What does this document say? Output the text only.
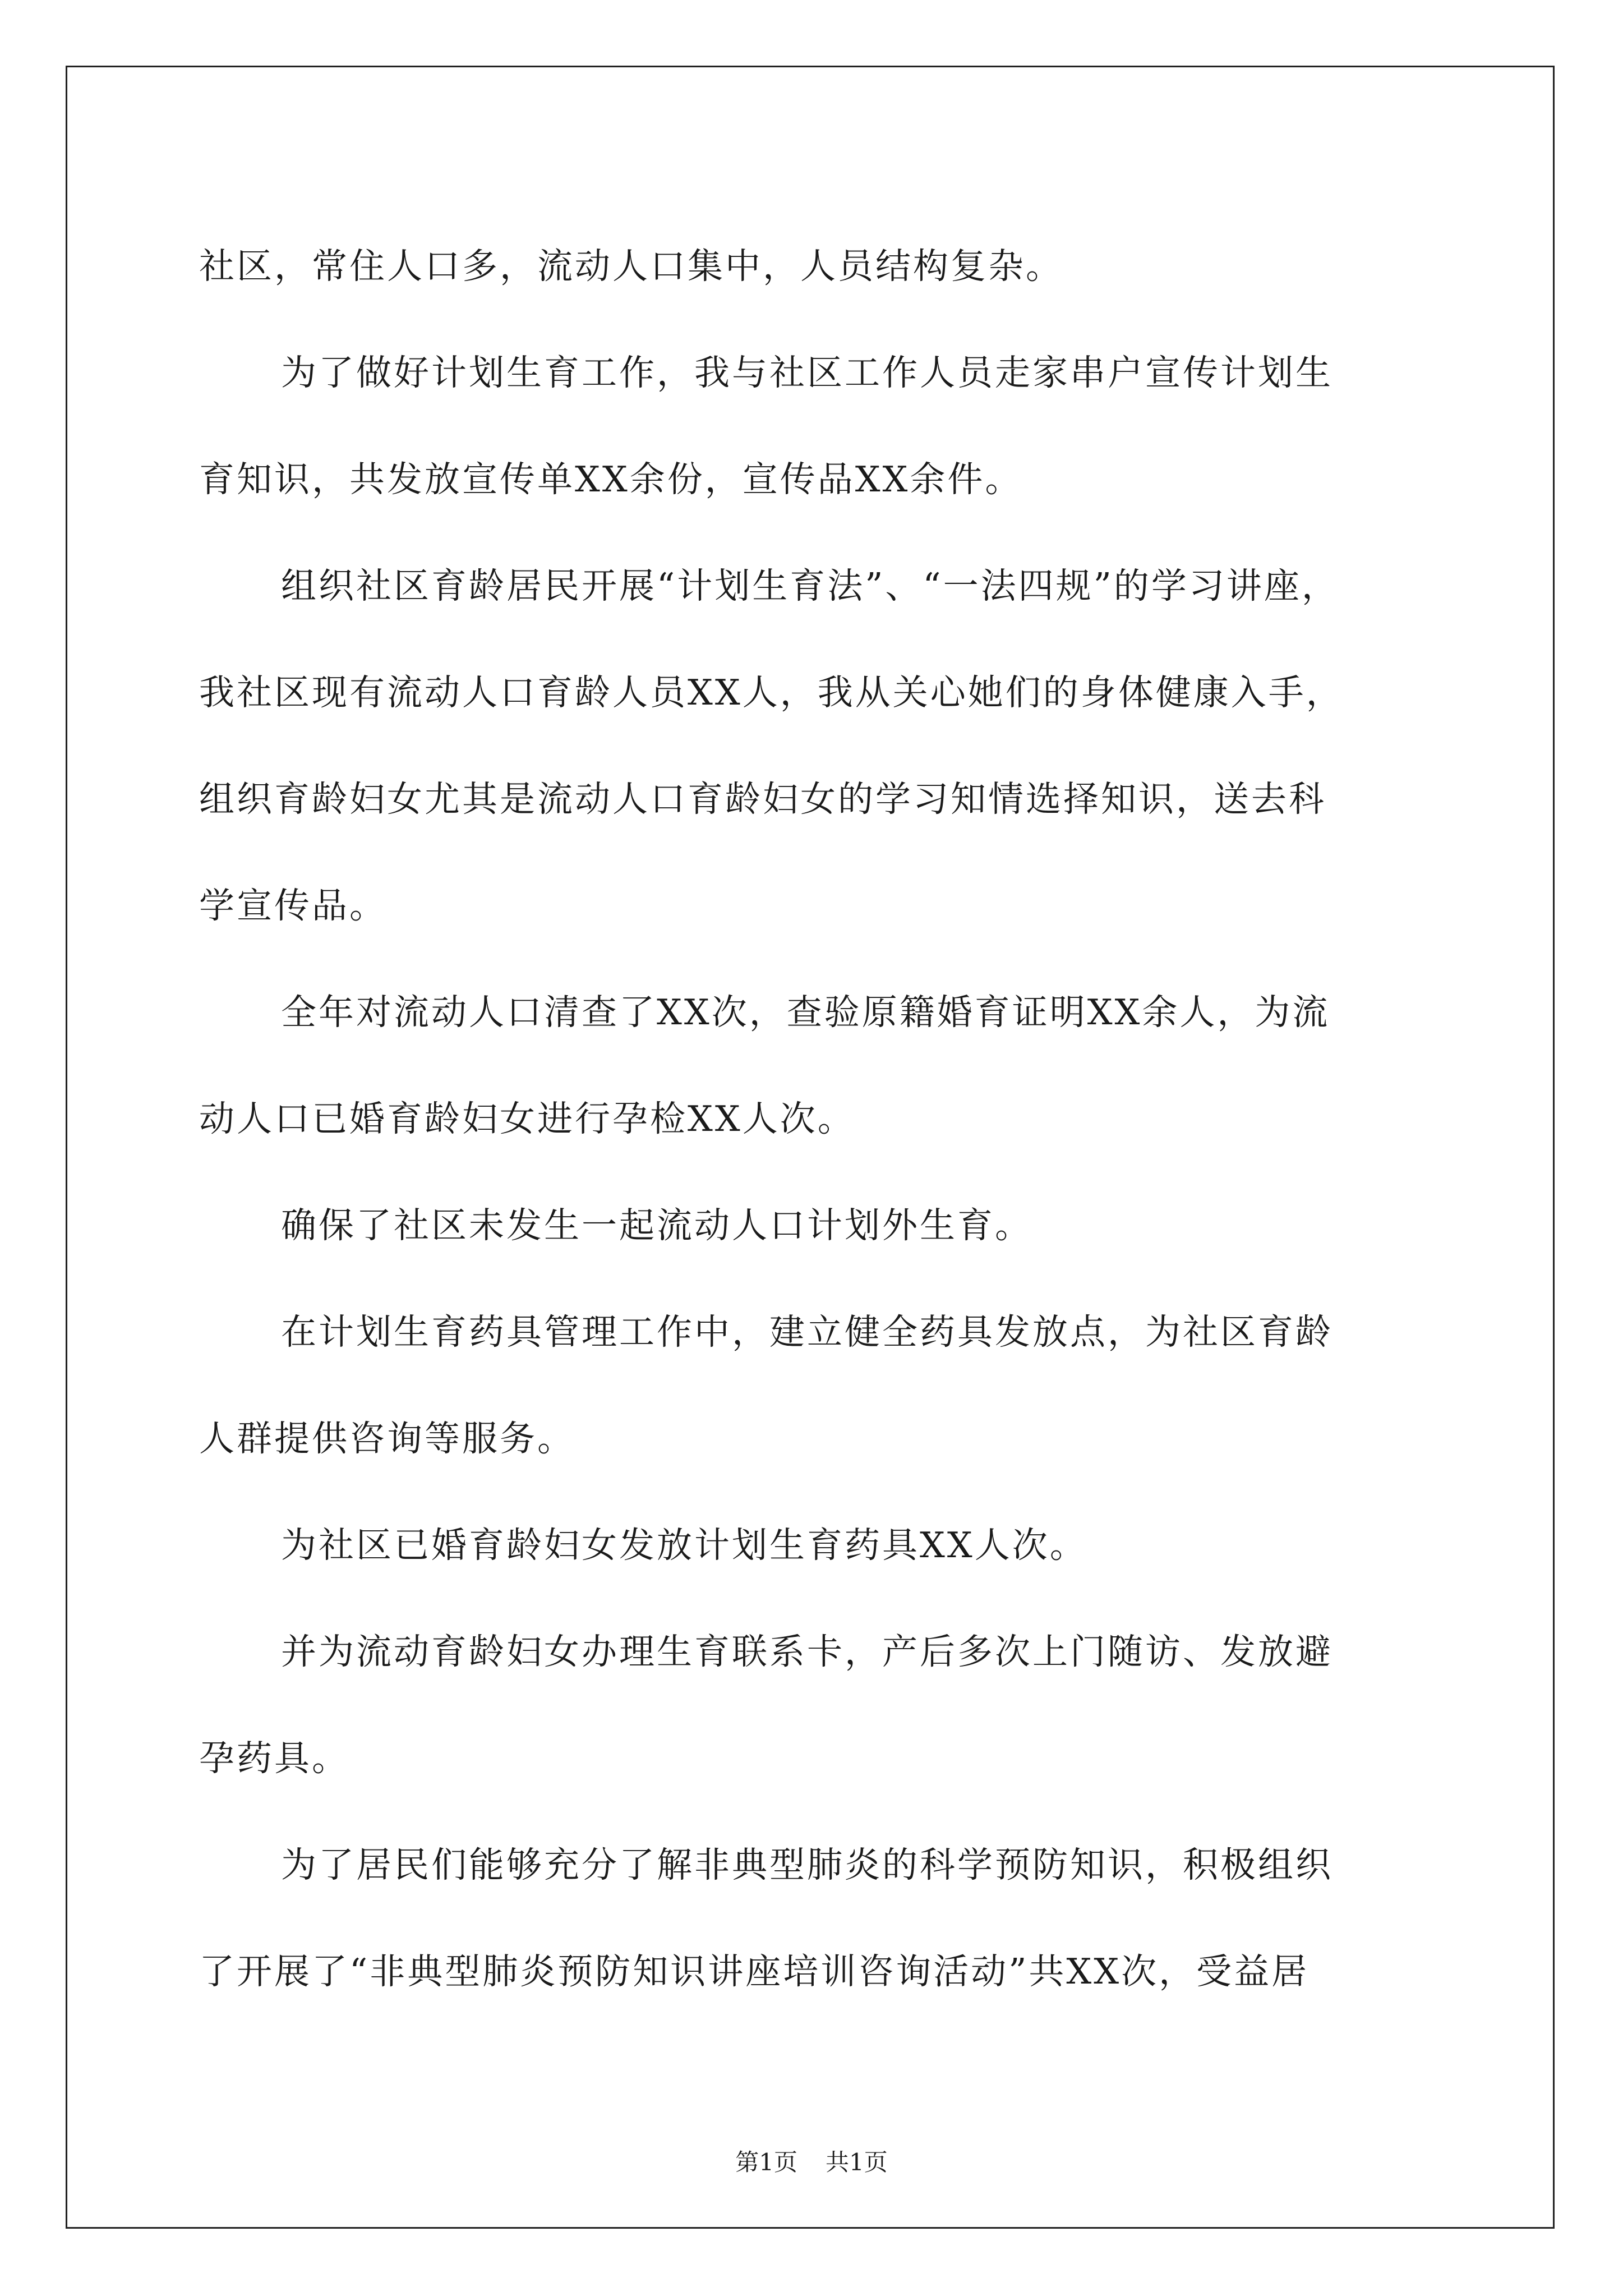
社区，常住人口多，流动人口集中，人员结构复杂。
为了做好计划生育工作，我与社区工作人员走家串户宣传计划生
育知识，共发放宣传单XX余份，宣传品XX余件。
组织社区育龄居民开展“计划生育法”、“一法四规”的学习讲座，
我社区现有流动人口育龄人员XX人，我从关心她们的身体健康入手，
组织育龄妇女尤其是流动人口育龄妇女的学习知情选择知识，送去科
学宣传品。
全年对流动人口清查了XX次，查验原籍婚育证明XX余人，为流
动人口已婚育龄妇女进行孕检XX人次。
确保了社区未发生一起流动人口计划外生育。
在计划生育药具管理工作中，建立健全药具发放点，为社区育龄
人群提供咨询等服务。
为社区已婚育龄妇女发放计划生育药具XX人次。
并为流动育龄妇女办理生育联系卡，产后多次上门随访、发放避
孕药具。
为了居民们能够充分了解非典型肺炎的科学预防知识，积极组织
了开展了“非典型肺炎预防知识讲座培训咨询活动”共XX次，受益居
第1页 共1页
